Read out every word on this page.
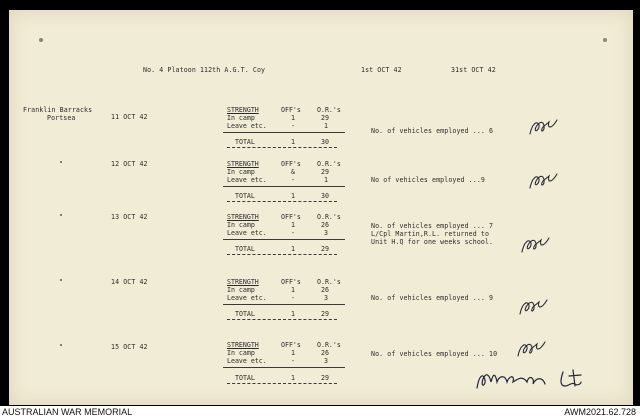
No. 4 Platoon 112th A.G.T. Coy	1st OCT 42	31st OCT 42
Franklin Barracks
Portsea	11 OCT 42
STRENGTH	OFF's O.R.'s
In camp	1	29
Leave etc.	-	1
TOTAL	1	30
No. of vehicles employed ... 6
"	12 OCT 42	STRENGTH	OFF's O.R.'s
In camp	&	29
Leave etc.	-	1
TOTAL	1	30
No of vehicles employed ...9
"	13 OCT 42	STRENGTH	OFF's O.R.'s
In camp	1	26
Leave etc.	-	3
TOTAL	1	29
No. of vehicles employed ... 7
L/Cpl Martin,R.L. returned to
Unit H.Q for one weeks school.
"	14 OCT 42	STRENGTH	OFF's O.R.'s
In camp	1	26
Leave etc.	-	3
TOTAL	1	29
No. of vehicles employed ... 9
"	15 OCT 42	STRENGTH	OFF's O.R.'s
In camp	1	26
Leave etc.	-	3
TOTAL	1	29
No. of vehicles employed ... 10
AUSTRALIAN WAR MEMORIAL	AWM2021.62.728
